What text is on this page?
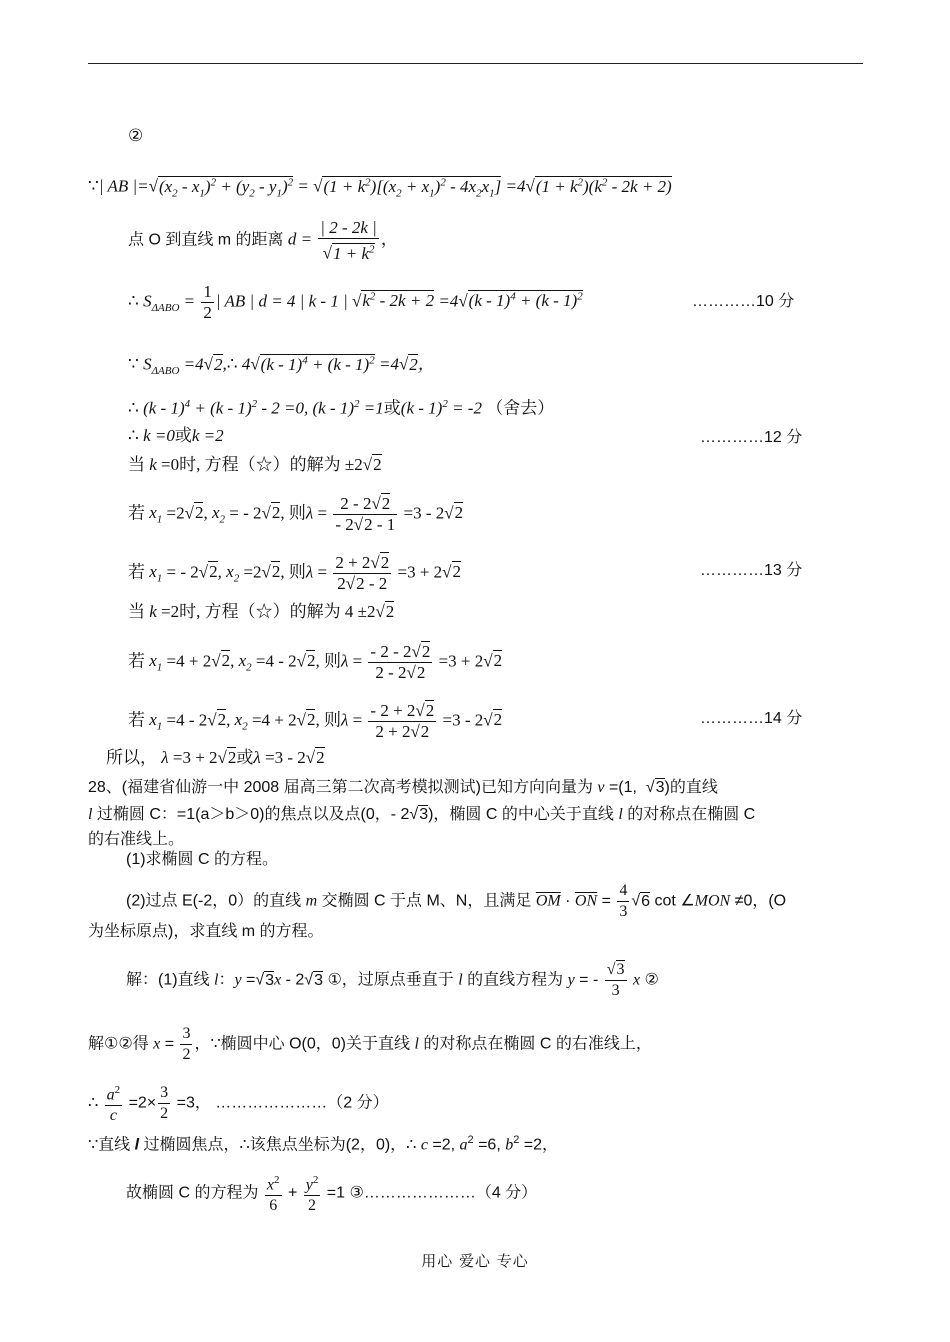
②
∵| AB $|=√(x_2 - x_1)^2 + (y_2 - y_1)^2 = √(1 + k^2)[(x_2 + x_1)^2 - 4x_2x_1] =4√(1 + k^2)(k^2 - 2k + 2)$
点 O 到直线 m 的距离 $d = \frac{| 2 - 2k |}{√1 + k^2}$ ，
∴ $S_{\Delta ABO} = \frac{1}{2}$ | AB | d = 4 | k - 1 | $√k^2 - 2k + 2 =4√(k - 1)^4 + (k - 1)^2$	…………10 分
∵ $S_{\Delta ABO}$ =4√2,∴ 4√(k - 1)$^4$ + (k - 1)$^2$ =4√2，
∴ (k - 1)$^4$ + (k - 1)$^2$ - 2 =0, (k - 1)$^2$ =1或(k - 1)$^2$ = -2 （舍去）
∴ k =0或k =2	…………12 分
当 k =0时, 方程（☆）的解为 ±2√2
若 $x_1 =2√2$, $x_2$ = - 2√2, 则$\lambda = \frac{2 - 2√2}{- 2√2 - 1} =3 - 2√2$
若 $x_1$ = - 2√2, $x_2 =2√2$, 则$\lambda = \frac{2 + 2√2}{2√2 - 2} =3 + 2√2$	…………13 分
当 k =2时, 方程（☆）的解为 4 ±2√2
若 $x_1 =4 + 2√2$, $x_2 =4 - 2√2$, 则$\lambda = \frac{- 2 - 2√2}{2 - 2√2} =3 + 2√2$
若 $x_1 =4 - 2√2$, $x_2 =4 + 2√2$, 则$\lambda = \frac{- 2 + 2√2}{2 + 2√2} =3 - 2√2$	…………14 分
所以， λ =3 + 2√2或λ =3 - 2√2
28、(福建省仙游一中 2008 届高三第二次高考模拟测试)已知方向向量为 v =(1,  √3)的直线
l 过椭圆 C：=1(a＞b＞0)的焦点以及点(0，- 2√3)，椭圆 C 的中心关于直线 l 的对称点在椭圆 C
的右准线上。
(1)求椭圆 C 的方程。
(2)过点 E(-2，0）的直线 m 交椭圆 C 于点 M、N，且满足 $\overline{OM} \cdot \overline{ON} = \frac{4}{3} √6$ cot ∠MON ≠0，(O
为坐标原点)，求直线 m 的方程。
解：(1)直线 l：y =√3x - 2√3 ①，过原点垂直于 l 的直线方程为 y = - $\frac{√3}{3}$ x ②
解①②得 $x = \frac{3}{2}$ ，∵椭圆中心 O(0，0)关于直线 l 的对称点在椭圆 C 的右准线上，
∴ $\frac{a^2}{c} =2\times \frac{3}{2} =3$， …………………（2 分）
∵直线 l 过椭圆焦点，∴该焦点坐标为(2，0)，∴ c =2, $a^2 =6$, $b^2 =2$，
故椭圆 C 的方程为 $\frac{x^2}{6} + \frac{y^2}{2} =1$ ③…………………（4 分）
用心 爱心 专心
